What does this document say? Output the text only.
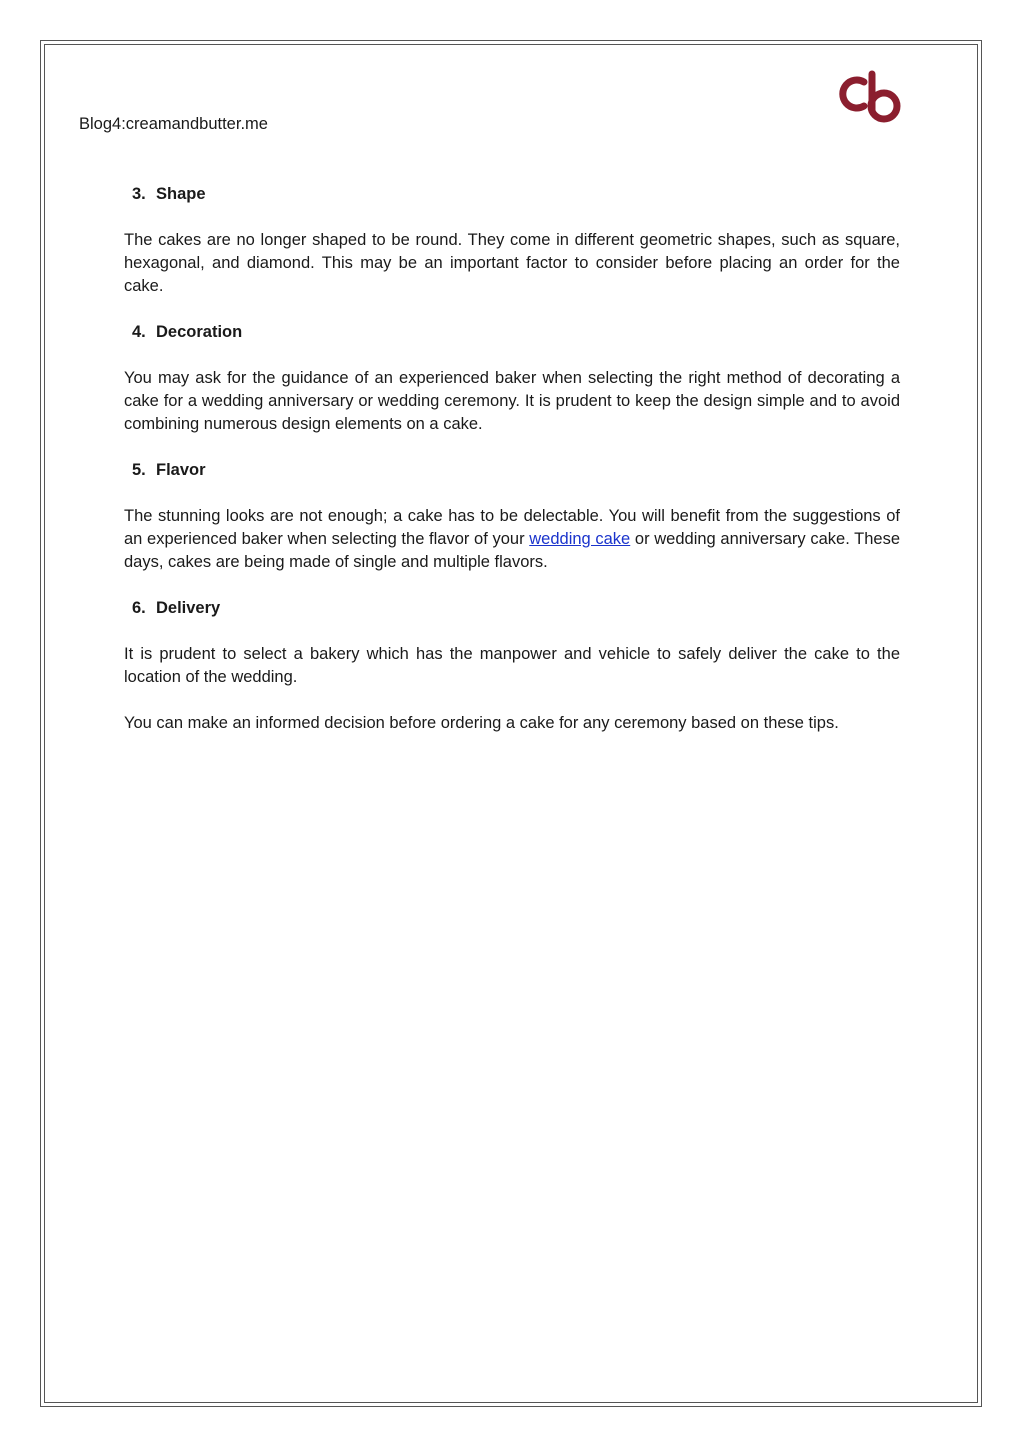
Blog4:creamandbutter.me
3. Shape

The cakes are no longer shaped to be round. They come in different geometric shapes, such as square, hexagonal, and diamond. This may be an important factor to consider before placing an order for the cake.

4. Decoration

You may ask for the guidance of an experienced baker when selecting the right method of decorating a cake for a wedding anniversary or wedding ceremony. It is prudent to keep the design simple and to avoid combining numerous design elements on a cake.

5. Flavor

The stunning looks are not enough; a cake has to be delectable. You will benefit from the suggestions of an experienced baker when selecting the flavor of your wedding cake or wedding anniversary cake. These days, cakes are being made of single and multiple flavors.

6. Delivery

It is prudent to select a bakery which has the manpower and vehicle to safely deliver the cake to the location of the wedding.

You can make an informed decision before ordering a cake for any ceremony based on these tips.
